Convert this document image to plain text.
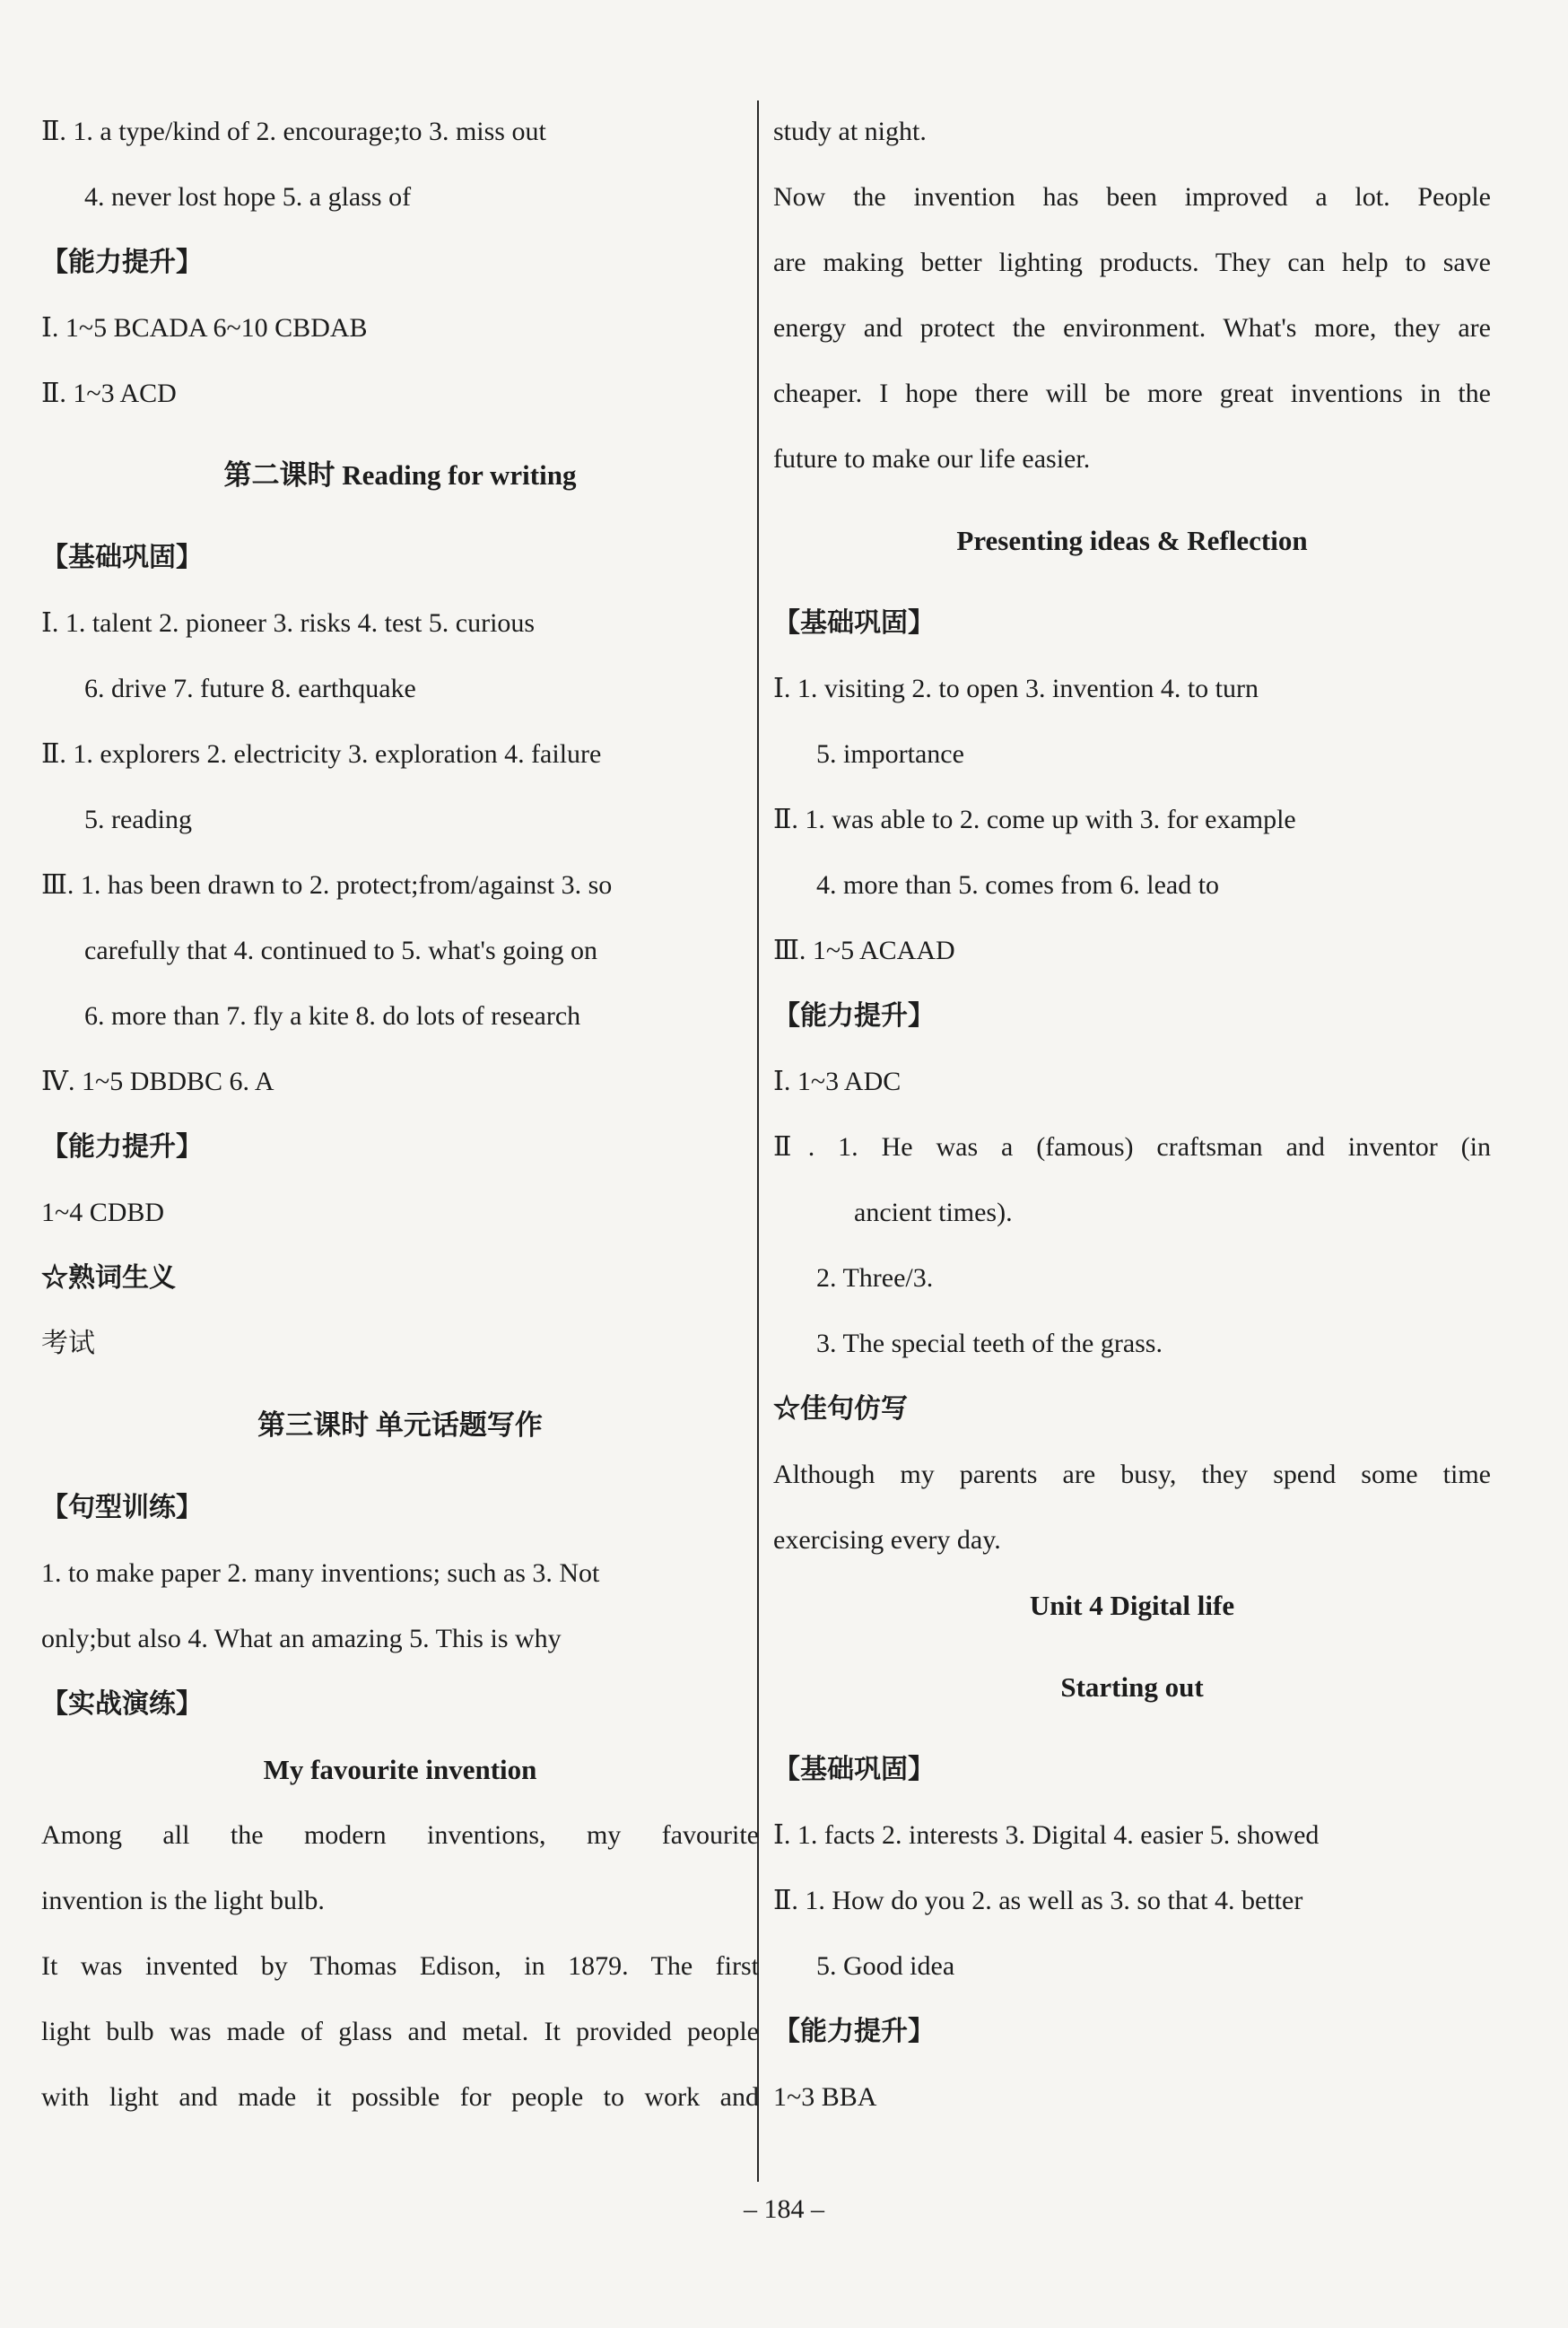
Ⅱ. 1. a type/kind of 2. encourage;to 3. miss out
4. never lost hope 5. a glass of
【能力提升】
Ⅰ. 1~5 BCADA 6~10 CBDAB
Ⅱ. 1~3 ACD
第二课时 Reading for writing
【基础巩固】
Ⅰ. 1. talent 2. pioneer 3. risks 4. test 5. curious
6. drive 7. future 8. earthquake
Ⅱ. 1. explorers 2. electricity 3. exploration 4. failure
5. reading
Ⅲ. 1. has been drawn to 2. protect;from/against 3. so
carefully that 4. continued to 5. what's going on
6. more than 7. fly a kite 8. do lots of research
Ⅳ. 1~5 DBDBC 6. A
【能力提升】
1~4 CDBD
☆熟词生义
考试
第三课时 单元话题写作
【句型训练】
1. to make paper 2. many inventions; such as 3. Not
only;but also 4. What an amazing 5. This is why
【实战演练】
My favourite invention
Among all the modern inventions, my favourite
invention is the light bulb.
It was invented by Thomas Edison, in 1879. The first
light bulb was made of glass and metal. It provided people
with light and made it possible for people to work and
study at night.
Now the invention has been improved a lot. People
are making better lighting products. They can help to save
energy and protect the environment. What's more, they are
cheaper. I hope there will be more great inventions in the
future to make our life easier.
Presenting ideas & Reflection
【基础巩固】
Ⅰ. 1. visiting 2. to open 3. invention 4. to turn
5. importance
Ⅱ. 1. was able to 2. come up with 3. for example
4. more than 5. comes from 6. lead to
Ⅲ. 1~5 ACAAD
【能力提升】
Ⅰ. 1~3 ADC
Ⅱ. 1. He was a (famous) craftsman and inventor (in
ancient times).
2. Three/3.
3. The special teeth of the grass.
☆佳句仿写
Although my parents are busy, they spend some time
exercising every day.
Unit 4 Digital life
Starting out
【基础巩固】
Ⅰ. 1. facts 2. interests 3. Digital 4. easier 5. showed
Ⅱ. 1. How do you 2. as well as 3. so that 4. better
5. Good idea
【能力提升】
1~3 BBA
– 184 –
